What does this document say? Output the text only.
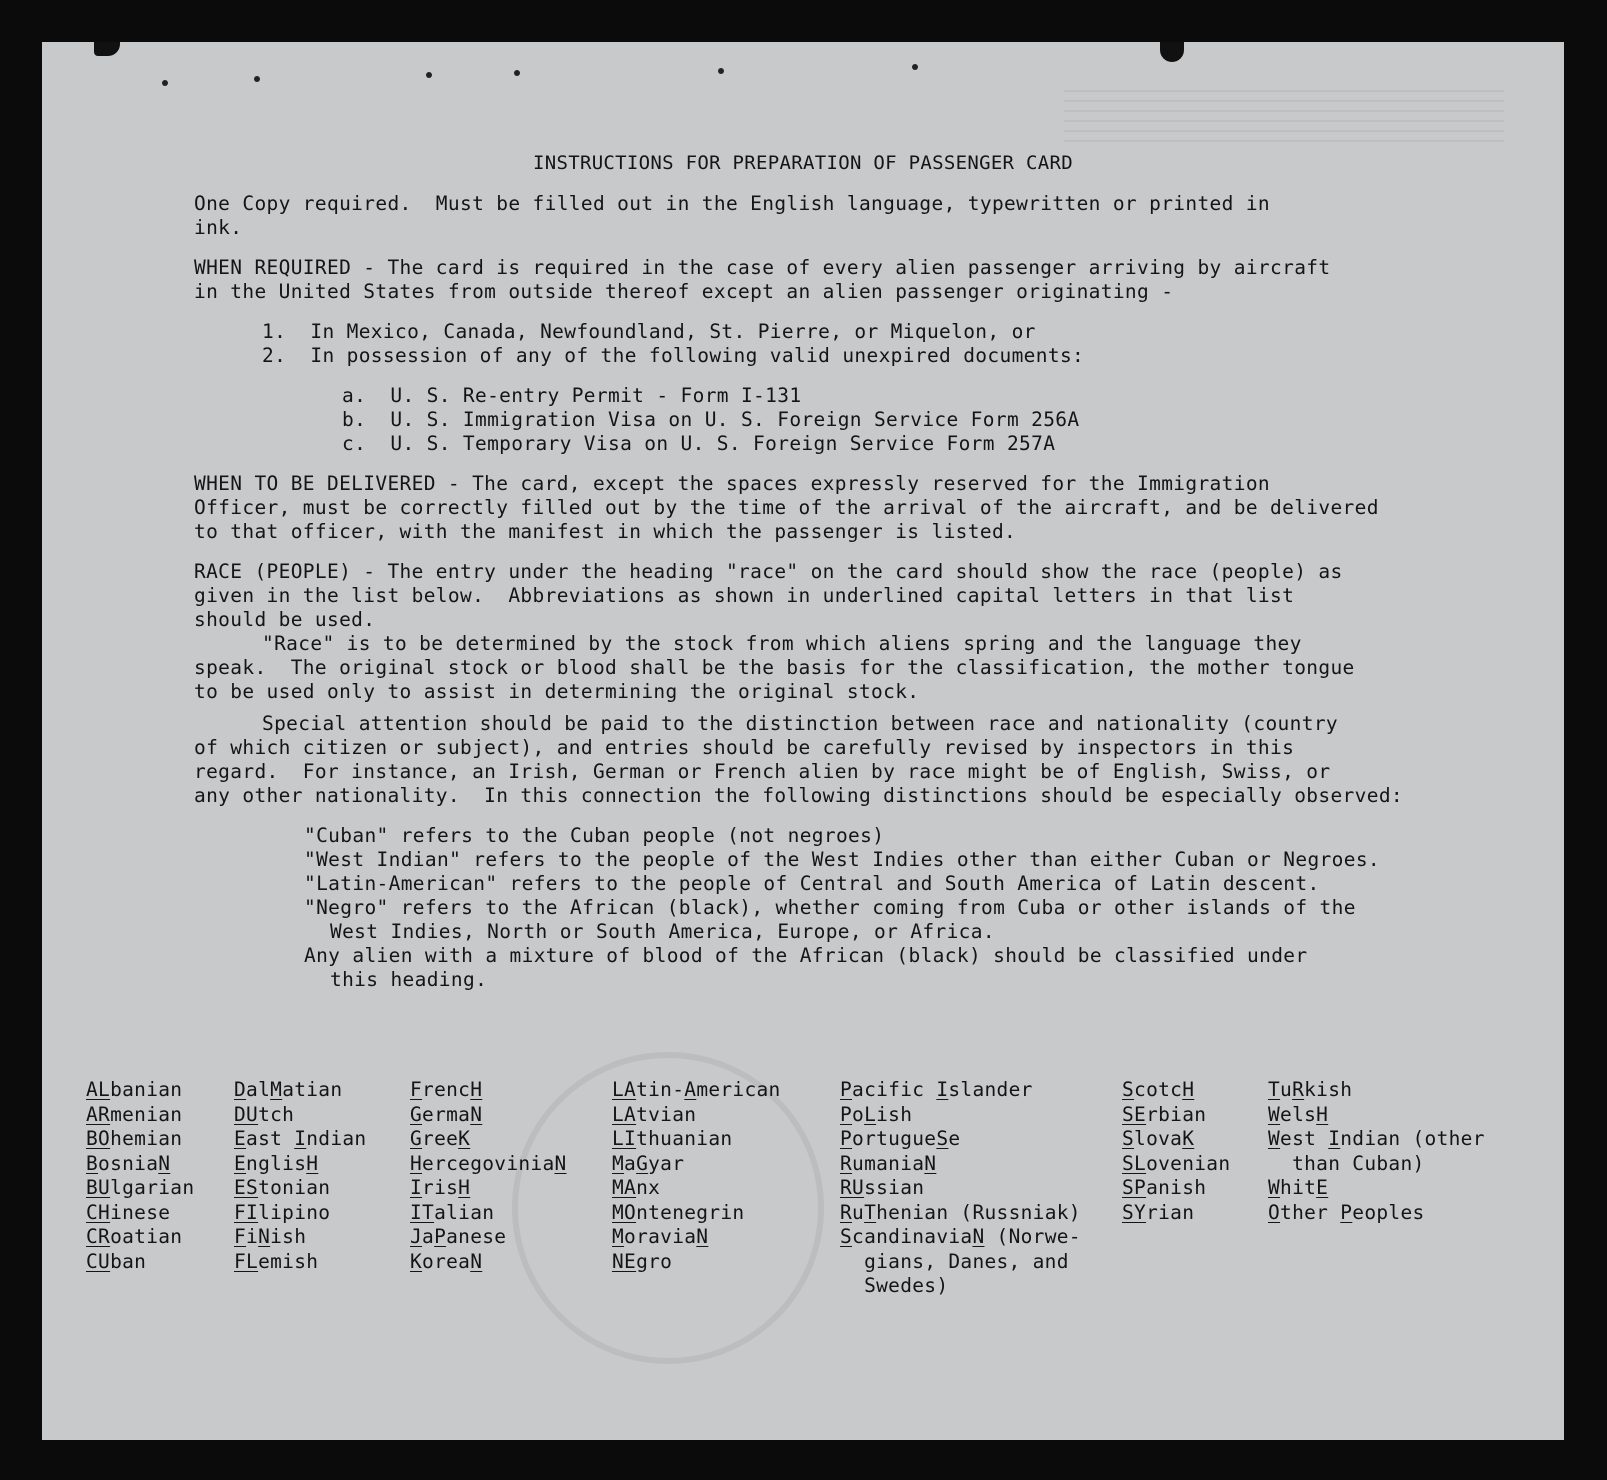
INSTRUCTIONS FOR PREPARATION OF PASSENGER CARD
One Copy required.  Must be filled out in the English language, typewritten or printed in
ink.
WHEN REQUIRED - The card is required in the case of every alien passenger arriving by aircraft
in the United States from outside thereof except an alien passenger originating -
1.  In Mexico, Canada, Newfoundland, St. Pierre, or Miquelon, or
2.  In possession of any of the following valid unexpired documents:
a.  U. S. Re-entry Permit - Form I-131
b.  U. S. Immigration Visa on U. S. Foreign Service Form 256A
c.  U. S. Temporary Visa on U. S. Foreign Service Form 257A
WHEN TO BE DELIVERED - The card, except the spaces expressly reserved for the Immigration
Officer, must be correctly filled out by the time of the arrival of the aircraft, and be delivered
to that officer, with the manifest in which the passenger is listed.
RACE (PEOPLE) - The entry under the heading "race" on the card should show the race (people) as
given in the list below.  Abbreviations as shown in underlined capital letters in that list
should be used.
"Race" is to be determined by the stock from which aliens spring and the language they
speak.  The original stock or blood shall be the basis for the classification, the mother tongue
to be used only to assist in determining the original stock.
Special attention should be paid to the distinction between race and nationality (country
of which citizen or subject), and entries should be carefully revised by inspectors in this
regard.  For instance, an Irish, German or French alien by race might be of English, Swiss, or
any other nationality.  In this connection the following distinctions should be especially observed:
"Cuban" refers to the Cuban people (not negroes)
"West Indian" refers to the people of the West Indies other than either Cuban or Negroes.
"Latin-American" refers to the people of Central and South America of Latin descent.
"Negro" refers to the African (black), whether coming from Cuba or other islands of the
West Indies, North or South America, Europe, or Africa.
Any alien with a mixture of blood of the African (black) should be classified under
this heading.
ALbanian
ARmenian
BOhemian
BosniaN
BUlgarian
CHinese
CRoatian
CUban
DalMatian
DUtch
East Indian
EnglisH
EStonian
FIlipino
FiNish
FLemish
FrencH
GermaN
GreeK
HercegoviniaN
IrisH
ITalian
JaPanese
KoreaN
LAtin-American
LAtvian
LIthuanian
MaGyar
MAnx
MOntenegrin
MoraviaN
NEgro
Pacific Islander
PoLish
PortugueSe
RumaniaN
RUssian
RuThenian (Russniak)
ScandinaviaN (Norwe-
gians, Danes, and
Swedes)
ScotcH
SErbian
SlovaK
SLovenian
SPanish
SYrian
TuRkish
WelsH
West Indian (other
than Cuban)
WhitE
Other Peoples
